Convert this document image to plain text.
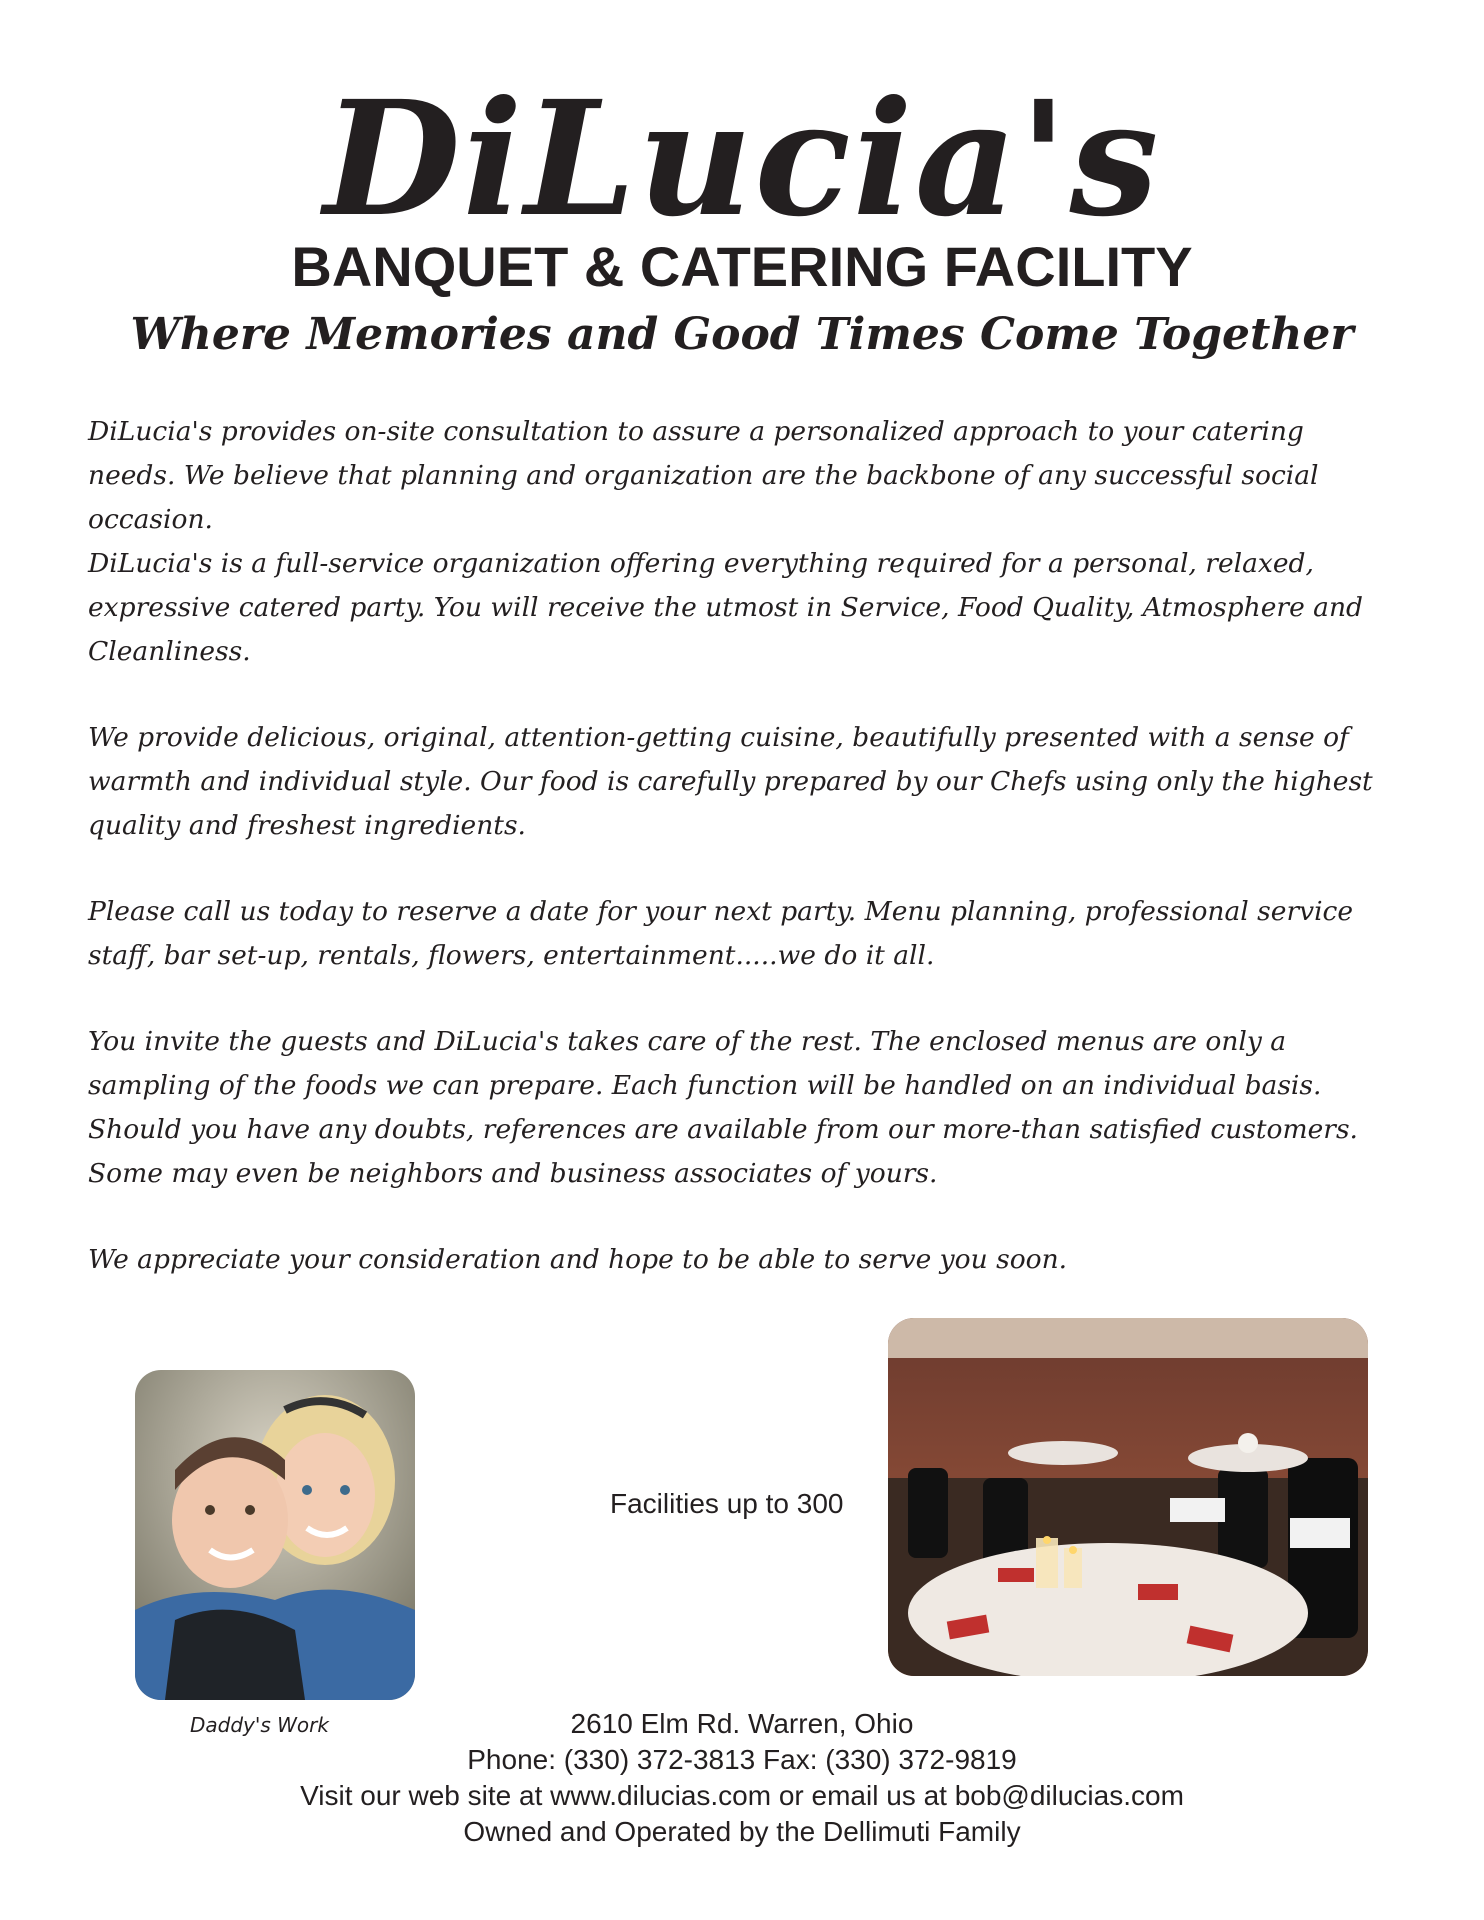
DiLucia's
BANQUET & CATERING FACILITY
Where Memories and Good Times Come Together

DiLucia's provides on-site consultation to assure a personalized approach to your catering needs. We believe that planning and organization are the backbone of any successful social occasion.

DiLucia's is a full-service organization offering everything required for a personal, relaxed, expressive catered party. You will receive the utmost in Service, Food Quality, Atmosphere and Cleanliness.

We provide delicious, original, attention-getting cuisine, beautifully presented with a sense of warmth and individual style. Our food is carefully prepared by our Chefs using only the highest quality and freshest ingredients.

Please call us today to reserve a date for your next party. Menu planning, professional service staff, bar set-up, rentals, flowers, entertainment.....we do it all.

You invite the guests and DiLucia's takes care of the rest. The enclosed menus are only a sampling of the foods we can prepare. Each function will be handled on an individual basis. Should you have any doubts, references are available from our more-than satisfied customers. Some may even be neighbors and business associates of yours.

We appreciate your consideration and hope to be able to serve you soon.

Daddy's Work
Facilities up to 300
2610 Elm Rd. Warren, Ohio
Phone: (330) 372-3813 Fax: (330) 372-9819
Visit our web site at www.dilucias.com or email us at bob@dilucias.com
Owned and Operated by the Dellimuti Family
